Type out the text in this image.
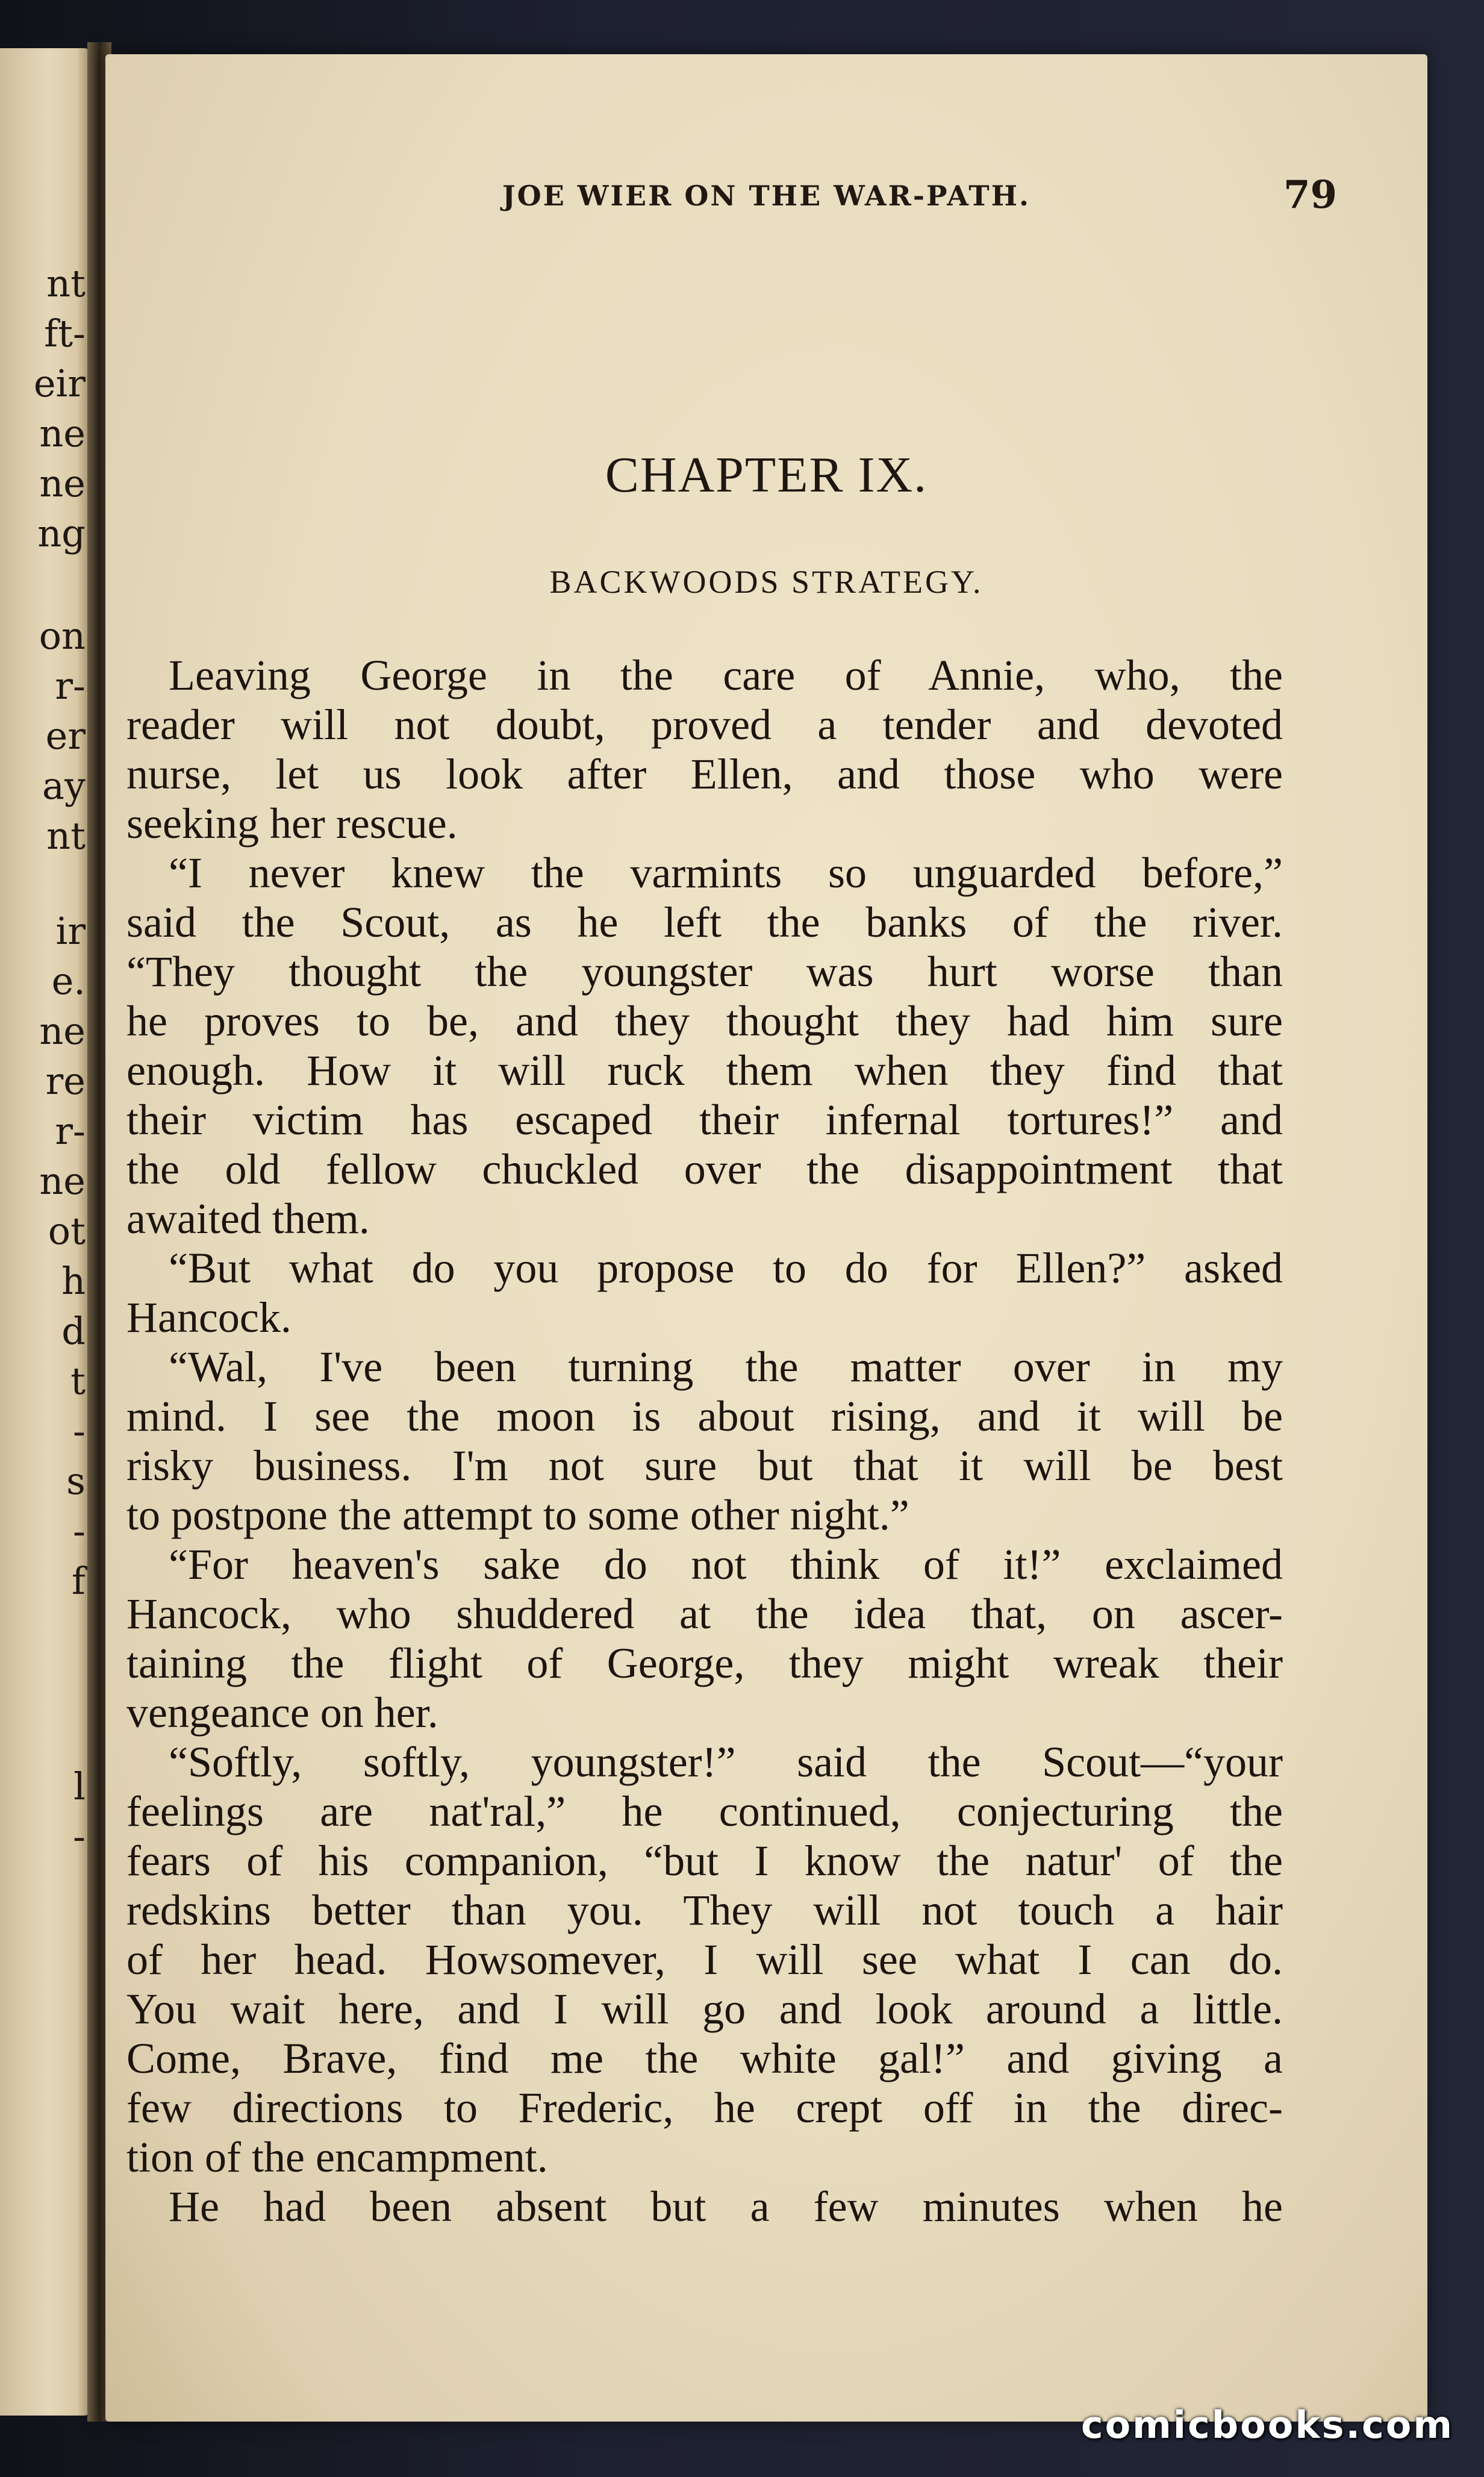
nt
ft-
eir
ne
ne
ng
on
r-
er
ay
nt
ir
e.
ne
re
r-
ne
ot
h
d
t
-
s
-
f
l
-
JOE WIER ON THE WAR-PATH.	79
CHAPTER IX.
BACKWOODS STRATEGY.
Leaving George in the care of Annie, who, the
reader will not doubt, proved a tender and devoted
nurse, let us look after Ellen, and those who were
seeking her rescue.
“I never knew the varmints so unguarded before,”
said the Scout, as he left the banks of the river.
“They thought the youngster was hurt worse than
he proves to be, and they thought they had him sure
enough. How it will ruck them when they find that
their victim has escaped their infernal tortures!” and
the old fellow chuckled over the disappointment that
awaited them.
“But what do you propose to do for Ellen?” asked
Hancock.
“Wal, I've been turning the matter over in my
mind. I see the moon is about rising, and it will be
risky business. I'm not sure but that it will be best
to postpone the attempt to some other night.”
“For heaven's sake do not think of it!” exclaimed
Hancock, who shuddered at the idea that, on ascer-
taining the flight of George, they might wreak their
vengeance on her.
“Softly, softly, youngster!” said the Scout—“your
feelings are nat'ral,” he continued, conjecturing the
fears of his companion, “but I know the natur' of the
redskins better than you. They will not touch a hair
of her head. Howsomever, I will see what I can do.
You wait here, and I will go and look around a little.
Come, Brave, find me the white gal!” and giving a
few directions to Frederic, he crept off in the direc-
tion of the encampment.
He had been absent but a few minutes when he
comicbooks.com
